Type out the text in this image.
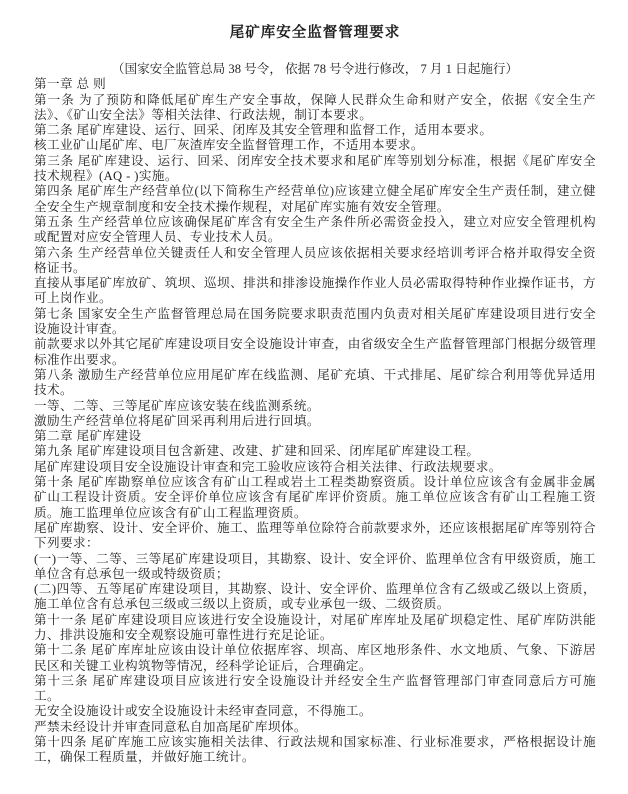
尾矿库安全监督管理要求

（国家安全监管总局 38 号令， 依据 78 号令进行修改， 7 月 1 日起施行）

第一章 总 则

第一条 为了预防和降低尾矿库生产安全事故，保障人民群众生命和财产安全，依据《安全生产法》、《矿山安全法》等相关法律、行政法规，制订本要求。

第二条 尾矿库建设、运行、回采、闭库及其安全管理和监督工作，适用本要求。

核工业矿山尾矿库、电厂灰渣库安全监督管理工作，不适用本要求。

第三条 尾矿库建设、运行、回采、闭库安全技术要求和尾矿库等别划分标准，根据《尾矿库安全技术规程》(AQ - )实施。

第四条 尾矿库生产经营单位(以下简称生产经营单位)应该建立健全尾矿库安全生产责任制，建立健全安全生产规章制度和安全技术操作规程，对尾矿库实施有效安全管理。

第五条 生产经营单位应该确保尾矿库含有安全生产条件所必需资金投入，建立对应安全管理机构或配置对应安全管理人员、专业技术人员。

第六条 生产经营单位关键责任人和安全管理人员应该依据相关要求经培训考评合格并取得安全资格证书。

直接从事尾矿库放矿、筑坝、巡坝、排洪和排渗设施操作作业人员必需取得特种作业操作证书，方可上岗作业。

第七条 国家安全生产监督管理总局在国务院要求职责范围内负责对相关尾矿库建设项目进行安全设施设计审查。

前款要求以外其它尾矿库建设项目安全设施设计审查，由省级安全生产监督管理部门根据分级管理标准作出要求。

第八条 激励生产经营单位应用尾矿库在线监测、尾矿充填、干式排尾、尾矿综合利用等优异适用技术。

一等、二等、三等尾矿库应该安装在线监测系统。

激励生产经营单位将尾矿回采再利用后进行回填。

第二章 尾矿库建设

第九条 尾矿库建设项目包含新建、改建、扩建和回采、闭库尾矿库建设工程。

尾矿库建设项目安全设施设计审查和完工验收应该符合相关法律、行政法规要求。

第十条 尾矿库勘察单位应该含有矿山工程或岩土工程类勘察资质。设计单位应该含有金属非金属矿山工程设计资质。安全评价单位应该含有尾矿库评价资质。施工单位应该含有矿山工程施工资质。施工监理单位应该含有矿山工程监理资质。

尾矿库勘察、设计、安全评价、施工、监理等单位除符合前款要求外，还应该根据尾矿库等别符合下列要求：

(一)一等、二等、三等尾矿库建设项目，其勘察、设计、安全评价、监理单位含有甲级资质，施工单位含有总承包一级或特级资质；

(二)四等、五等尾矿库建设项目，其勘察、设计、安全评价、监理单位含有乙级或乙级以上资质，施工单位含有总承包三级或三级以上资质，或专业承包一级、二级资质。

第十一条 尾矿库建设项目应该进行安全设施设计，对尾矿库库址及尾矿坝稳定性、尾矿库防洪能力、排洪设施和安全观察设施可靠性进行充足论证。

第十二条 尾矿库库址应该由设计单位依据库容、坝高、库区地形条件、水文地质、气象、下游居民区和关键工业构筑物等情况，经科学论证后，合理确定。

第十三条 尾矿库建设项目应该进行安全设施设计并经安全生产监督管理部门审查同意后方可施工。

无安全设施设计或安全设施设计未经审查同意，不得施工。

严禁未经设计并审查同意私自加高尾矿库坝体。

第十四条 尾矿库施工应该实施相关法律、行政法规和国家标准、行业标准要求，严格根据设计施工，确保工程质量，并做好施工统计。
